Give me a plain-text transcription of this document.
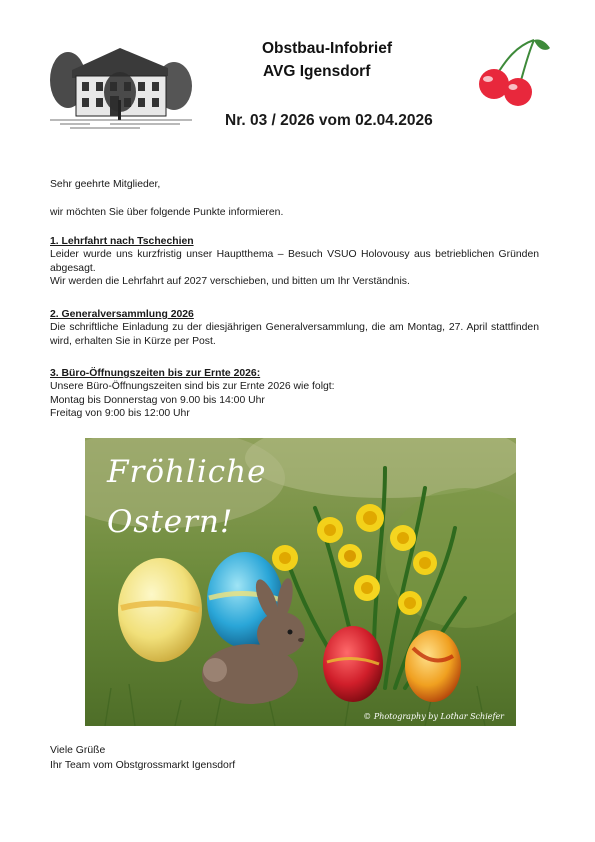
Obstbau-Infobrief
AVG Igensdorf
Nr. 03 / 2026 vom 02.04.2026
Sehr geehrte Mitglieder,
wir möchten Sie über folgende Punkte informieren.
1. Lehrfahrt nach Tschechien

Leider wurde uns kurzfristig unser Hauptthema – Besuch VSUO Holovousy aus betrieblichen Gründen abgesagt.

Wir werden die Lehrfahrt auf 2027 verschieben, und bitten um Ihr Verständnis.

2. Generalversammlung 2026

Die schriftliche Einladung zu der diesjährigen Generalversammlung, die am Montag, 27. April stattfinden wird, erhalten Sie in Kürze per Post.

3. Büro-Öffnungszeiten bis zur Ernte 2026:

Unsere Büro-Öffnungszeiten sind bis zur Ernte 2026 wie folgt:

Montag bis Donnerstag von 9.00 bis 14:00 Uhr

Freitag von 9:00 bis 12:00 Uhr

Fröhliche
Ostern!
© Photography by Lothar Schiefer
Viele Grüße
Ihr Team vom Obstgrossmarkt Igensdorf
